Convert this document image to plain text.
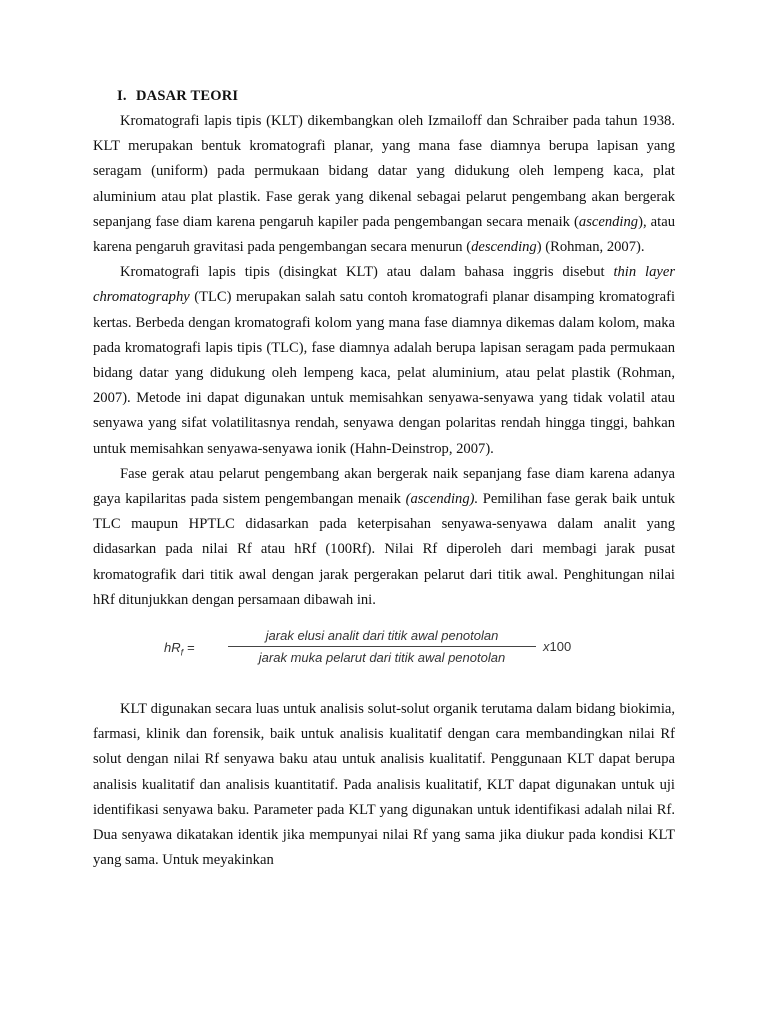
I. DASAR TEORI

Kromatografi lapis tipis (KLT) dikembangkan oleh Izmailoff dan Schraiber pada tahun 1938. KLT merupakan bentuk kromatografi planar, yang mana fase diamnya berupa lapisan yang seragam (uniform) pada permukaan bidang datar yang didukung oleh lempeng kaca, plat aluminium atau plat plastik. Fase gerak yang dikenal sebagai pelarut pengembang akan bergerak sepanjang fase diam karena pengaruh kapiler pada pengembangan secara menaik (ascending), atau karena pengaruh gravitasi pada pengembangan secara menurun (descending) (Rohman, 2007).

Kromatografi lapis tipis (disingkat KLT) atau dalam bahasa inggris disebut thin layer chromatography (TLC) merupakan salah satu contoh kromatografi planar disamping kromatografi kertas. Berbeda dengan kromatografi kolom yang mana fase diamnya dikemas dalam kolom, maka pada kromatografi lapis tipis (TLC), fase diamnya adalah berupa lapisan seragam pada permukaan bidang datar yang didukung oleh lempeng kaca, pelat aluminium, atau pelat plastik (Rohman, 2007). Metode ini dapat digunakan untuk memisahkan senyawa-senyawa yang tidak volatil atau senyawa yang sifat volatilitasnya rendah, senyawa dengan polaritas rendah hingga tinggi, bahkan untuk memisahkan senyawa-senyawa ionik (Hahn-Deinstrop, 2007).

Fase gerak atau pelarut pengembang akan bergerak naik sepanjang fase diam karena adanya gaya kapilaritas pada sistem pengembangan menaik (ascending). Pemilihan fase gerak baik untuk TLC maupun HPTLC didasarkan pada keterpisahan senyawa-senyawa dalam analit yang didasarkan pada nilai Rf atau hRf (100Rf). Nilai Rf diperoleh dari membagi jarak pusat kromatografik dari titik awal dengan jarak pergerakan pelarut dari titik awal. Penghitungan nilai hRf ditunjukkan dengan persamaan dibawah ini.

$hR_f$ =
jarak elusi analit dari titik awal penotolan
jarak muka pelarut dari titik awal penotolan
x100

KLT digunakan secara luas untuk analisis solut-solut organik terutama dalam bidang biokimia, farmasi, klinik dan forensik, baik untuk analisis kualitatif dengan cara membandingkan nilai Rf solut dengan nilai Rf senyawa baku atau untuk analisis kualitatif. Penggunaan KLT dapat berupa analisis kualitatif dan analisis kuantitatif. Pada analisis kualitatif, KLT dapat digunakan untuk uji identifikasi senyawa baku. Parameter pada KLT yang digunakan untuk identifikasi adalah nilai Rf. Dua senyawa dikatakan identik jika mempunyai nilai Rf yang sama jika diukur pada kondisi KLT yang sama. Untuk meyakinkan
